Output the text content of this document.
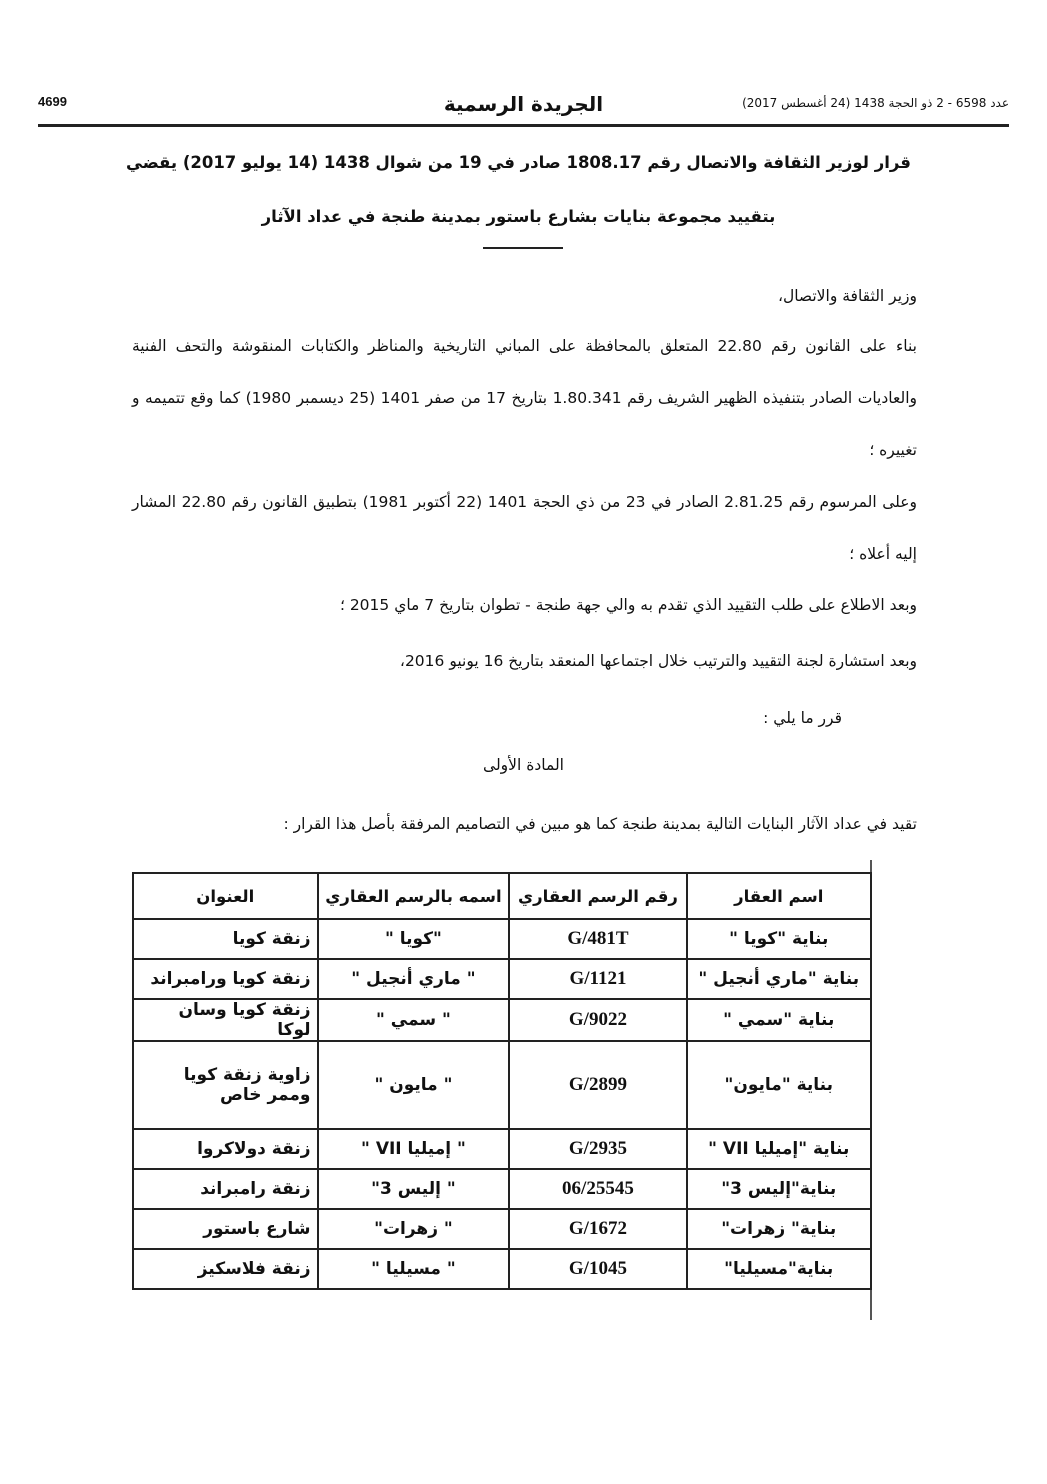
4699	الجريدة الرسمية	عدد 6598 - 2 ذو الحجة 1438 (24 أغسطس 2017)
قرار لوزير الثقافة والاتصال رقم 1808.17 صادر في 19 من شوال 1438 (14 يوليو 2017) يقضي
بتقييد مجموعة بنايات بشارع باستور بمدينة طنجة في عداد الآثار
وزير الثقافة والاتصال،
بناء على القانون رقم 22.80 المتعلق بالمحافظة على المباني التاريخية والمناظر والكتابات المنقوشة والتحف الفنية والعاديات الصادر بتنفيذه الظهير الشريف رقم 1.80.341 بتاريخ 17 من صفر 1401 (25 ديسمبر 1980) كما وقع تتميمه و تغييره ؛
وعلى المرسوم رقم 2.81.25 الصادر في 23 من ذي الحجة 1401 (22 أكتوبر 1981) بتطبيق القانون رقم 22.80 المشار إليه أعلاه ؛
وبعد الاطلاع على طلب التقييد الذي تقدم به والي جهة طنجة - تطوان بتاريخ 7 ماي 2015 ؛
وبعد استشارة لجنة التقييد والترتيب خلال اجتماعها المنعقد بتاريخ 16 يونيو 2016،
قرر ما يلي :
المادة الأولى
تقيد في عداد الآثار البنايات التالية بمدينة طنجة كما هو مبين في التصاميم المرفقة بأصل هذا القرار :
اسم العقار	رقم الرسم العقاري	اسمه بالرسم العقاري	العنوان
بناية "كويا "	G/481T	"كويا "	زنقة كويا
بناية "ماري أنجيل "	G/1121	" ماري أنجيل "	زنقة كويا ورامبراند
بناية "سمي "	G/9022	" سمي "	زنقة كويا وسان لوكا
بناية "مايون"	G/2899	" مايون "	زاوية زنقة كويا وممر خاص
بناية "إميليا VII "	G/2935	" إميليا VII "	زنقة دولاكروا
بناية"إليس 3"	06/25545	" إليس 3"	زنقة رامبراند
بناية" زهرات"	G/1672	" زهرات"	شارع باستور
بناية"مسيليا"	G/1045	" مسيليا "	زنقة فلاسكيز
